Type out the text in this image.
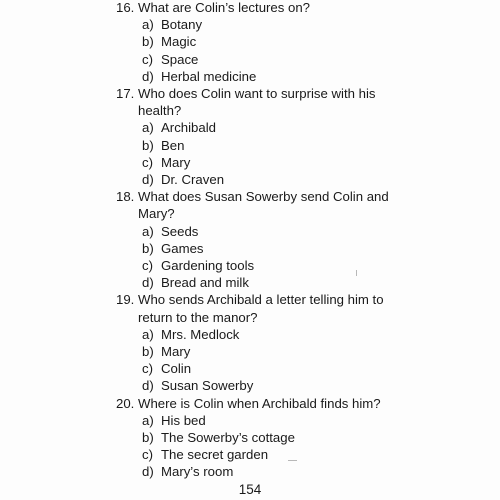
16. What are Colin’s lectures on?
a) Botany
b) Magic
c) Space
d) Herbal medicine
17. Who does Colin want to surprise with his
health?
a) Archibald
b) Ben
c) Mary
d) Dr. Craven
18. What does Susan Sowerby send Colin and
Mary?
a) Seeds
b) Games
c) Gardening tools
d) Bread and milk
19. Who sends Archibald a letter telling him to
return to the manor?
a) Mrs. Medlock
b) Mary
c) Colin
d) Susan Sowerby
20. Where is Colin when Archibald finds him?
a) His bed
b) The Sowerby’s cottage
c) The secret garden
d) Mary’s room
154
